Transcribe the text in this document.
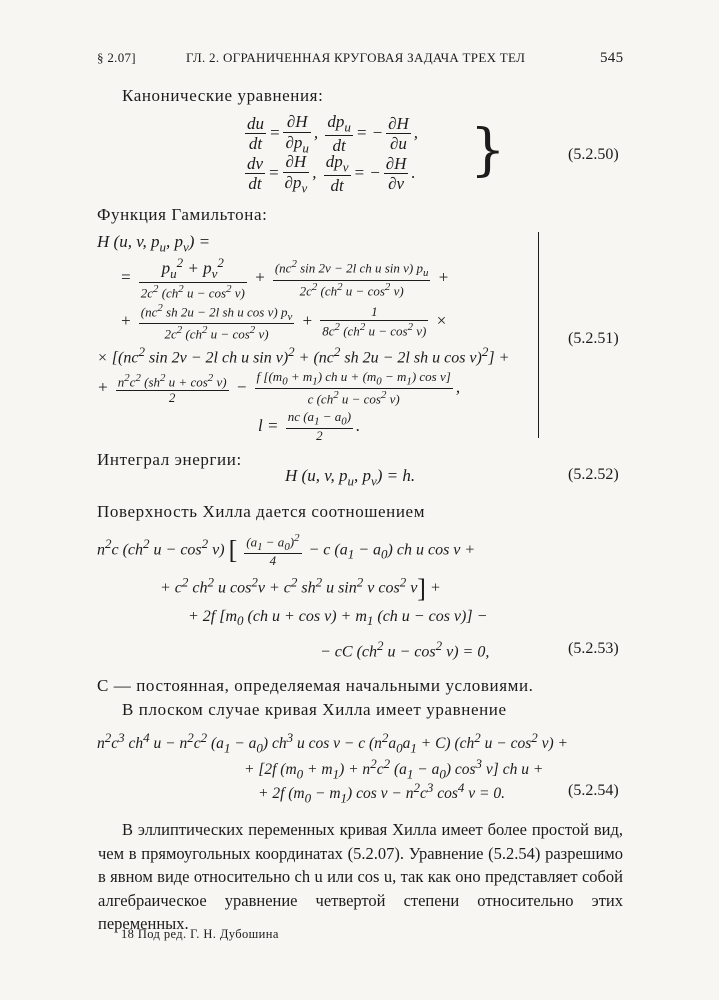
§ 2.07]	ГЛ. 2. ОГРАНИЧЕННАЯ КРУГОВАЯ ЗАДАЧА ТРЕХ ТЕЛ	545
Канонические уравнения:
$\frac{du}{dt} = \frac{\partial H}{\partial p_u}$ , $\frac{dp_u}{dt}$ = − $\frac{\partial H}{\partial u}$ ,
$\frac{dv}{dt} = \frac{\partial H}{\partial p_v}$ , $\frac{dp_v}{dt}$ = − $\frac{\partial H}{\partial v}$ . }	(5.2.50)
Функция Гамильтона:
H (u, v, $p_u$, $p_v$) =
= $\frac{p_u^2 + p_v^2}{2c^2 (ch^2 u - \cos^2 v)} + \frac{(nc^2 \sin 2v - 2l ch u \sin v) p_u}{2c^2 (ch^2 u - \cos^2 v)}$ +
+ $\frac{(nc^2 sh 2u - 2l sh u \cos v) p_v}{2c^2 (ch^2 u - \cos^2 v)} + \frac{1}{8c^2 (ch^2 u - \cos^2 v)}$ ×
× [($nc^2$ sin 2v − 2l ch u $\sin v)^2 + (nc^2$ sh 2u − 2l sh u cos v)$^2$] +
+ $\frac{n^2c^2 (sh^2 u + \cos^2 v)}{2} - \frac{f [(m_0 + m_1) ch u + (m_0 - m_1) \cos v]}{c (ch^2 u - \cos^2 v)}$ ,
$l = \frac{nc (a_1 - a_0)}{2}$ .
(5.2.51)
Интеграл энергии:
H (u, v, $p_u$, $p_v) = h$.	(5.2.52)
Поверхность Хилла дается соотношением
$n^2c$ ($ch^2$ $u - \cos^2 v$) [ $\frac{(a_1 - a_0)^2}{4} - c$ $(a_1 - a_0)$ ch u cos v +
+ $c^2$ $ch^2$ u $\cos^2v + c^2$ $sh^2$ u $\sin^2 v$ $\cos^2 v$] +
+ 2f [$m_0$ (ch $u + \cos v) + m_1$ (ch u − cos v)] −
− cC ($ch^2$ $u - \cos^2 v) = 0$,	(5.2.53)
C — постоянная, определяемая начальными условиями.
В плоском случае кривая Хилла имеет уравнение
$n^2c^3$ $ch^4$ $u - n^2c^2$ $(a_1 - a_0)$ $ch^3$ u cos v − c $(n^2a_0a_1 + C)$ ($ch^2$ $u - \cos^2 v$) +
+ [2f $(m_0 + m_1) + n^2c^2$ $(a_1 - a_0)$ $\cos^3 v$] ch u +
+ 2f $(m_0 - m_1)$ $\cos v - n^2c^3$ $\cos^4 v = 0$.	(5.2.54)
В эллиптических переменных кривая Хилла имеет более простой вид, чем в прямоугольных координатах (5.2.07). Уравнение (5.2.54) разрешимо в явном виде относительно ch u или cos u, так как оно представляет собой алгебраическое уравнение четвертой степени относительно этих переменных.
18 Под ред. Г. Н. Дубошина
